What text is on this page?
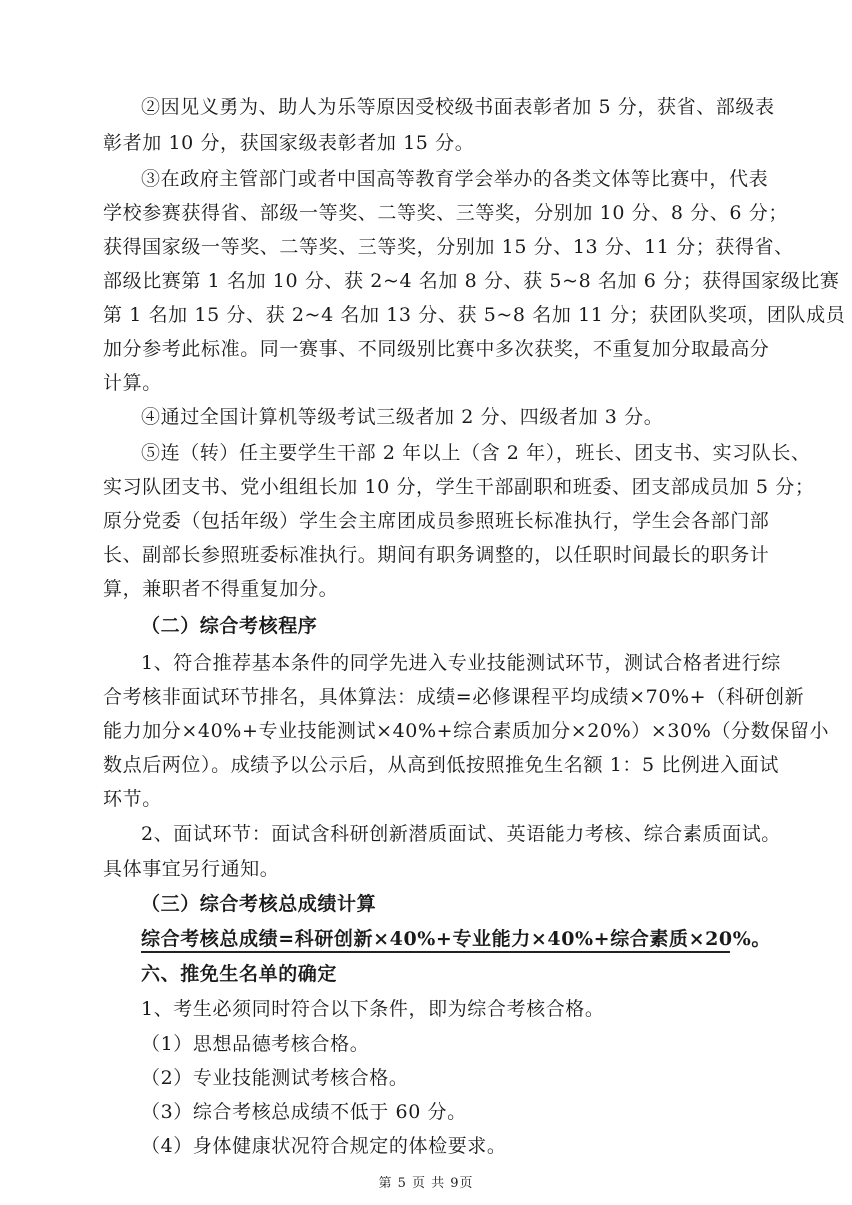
②因见义勇为、助人为乐等原因受校级书面表彰者加 5 分，获省、部级表
彰者加 10 分，获国家级表彰者加 15 分。
③在政府主管部门或者中国高等教育学会举办的各类文体等比赛中，代表
学校参赛获得省、部级一等奖、二等奖、三等奖，分别加 10 分、8 分、6 分；
获得国家级一等奖、二等奖、三等奖，分别加 15 分、13 分、11 分；获得省、
部级比赛第 1 名加 10 分、获 2~4 名加 8 分、获 5~8 名加 6 分；获得国家级比赛
第 1 名加 15 分、获 2~4 名加 13 分、获 5~8 名加 11 分；获团队奖项，团队成员
加分参考此标准。同一赛事、不同级别比赛中多次获奖，不重复加分取最高分
计算。
④通过全国计算机等级考试三级者加 2 分、四级者加 3 分。
⑤连（转）任主要学生干部 2 年以上（含 2 年），班长、团支书、实习队长、
实习队团支书、党小组组长加 10 分，学生干部副职和班委、团支部成员加 5 分；
原分党委（包括年级）学生会主席团成员参照班长标准执行，学生会各部门部
长、副部长参照班委标准执行。期间有职务调整的，以任职时间最长的职务计
算，兼职者不得重复加分。
（二）综合考核程序
1、符合推荐基本条件的同学先进入专业技能测试环节，测试合格者进行综
合考核非面试环节排名，具体算法：成绩=必修课程平均成绩×70%+（科研创新
能力加分×40%+专业技能测试×40%+综合素质加分×20%）×30%（分数保留小
数点后两位）。成绩予以公示后，从高到低按照推免生名额 1：5 比例进入面试
环节。
2、面试环节：面试含科研创新潜质面试、英语能力考核、综合素质面试。
具体事宜另行通知。
（三）综合考核总成绩计算
综合考核总成绩=科研创新×40%+专业能力×40%+综合素质×20%。
六、推免生名单的确定
1、考生必须同时符合以下条件，即为综合考核合格。
（1）思想品德考核合格。
（2）专业技能测试考核合格。
（3）综合考核总成绩不低于 60 分。
（4）身体健康状况符合规定的体检要求。
第 5 页 共 9页
